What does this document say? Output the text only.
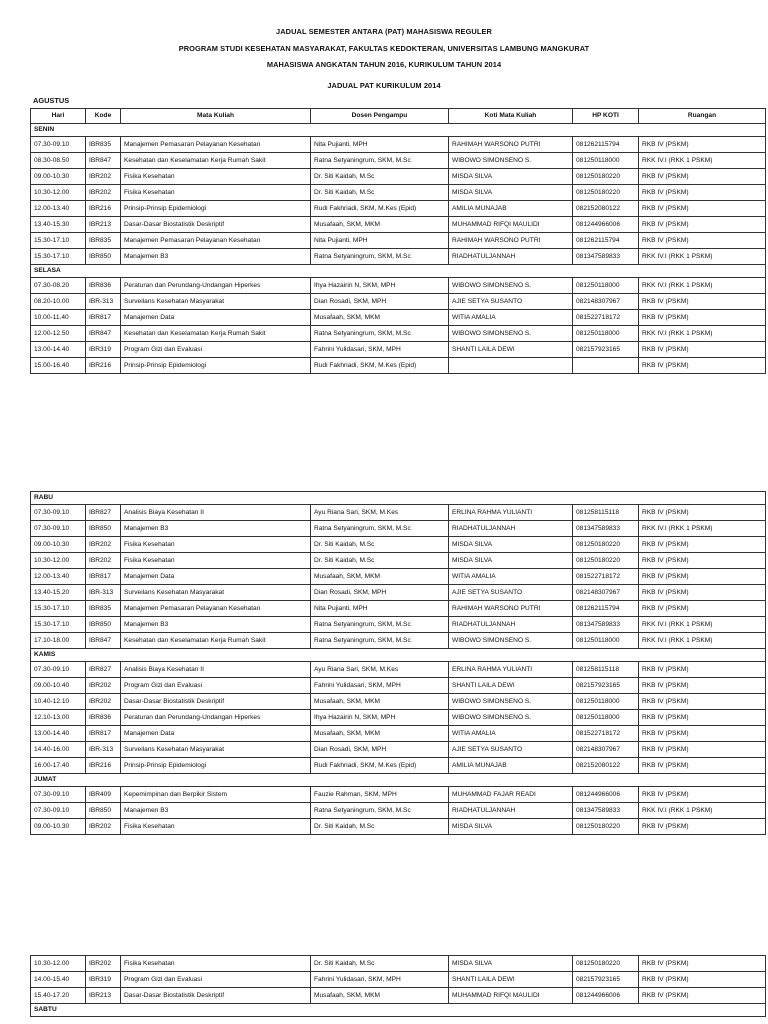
JADUAL SEMESTER ANTARA (PAT) MAHASISWA REGULER
PROGRAM STUDI KESEHATAN MASYARAKAT, FAKULTAS KEDOKTERAN, UNIVERSITAS LAMBUNG MANGKURAT
MAHASISWA ANGKATAN TAHUN 2016, KURIKULUM TAHUN 2014
JADUAL PAT KURIKULUM 2014
AGUSTUS
Hari	Kode	Mata Kuliah	Dosen Pengampu	Koti Mata Kuliah	HP KOTI	Ruangan
SENIN						
07.30-09.10	IBR835	Manajemen Pemasaran Pelayanan Kesehatan	Nita Pujianti, MPH	RAHIMAH WARSONO PUTRI	081262115794	RKB IV (PSKM)
08.30-08.50	IBR847	Kesehatan dan Keselamatan Kerja Rumah Sakit	Ratna Setyaningrum, SKM, M.Sc	WIBOWO SIMONSENO S.	081250118000	RKK IV.I (RKK 1 PSKM)
09.00-10.30	IBR202	Fisika Kesehatan	Dr. Siti Kaidah, M.Sc	MISDA SILVA	081250180220	RKB IV (PSKM)
10.30-12.00	IBR202	Fisika Kesehatan	Dr. Siti Kaidah, M.Sc	MISDA SILVA	081250180220	RKB IV (PSKM)
12.00-13.40	IBR216	Prinsip-Prinsip Epidemiologi	Rudi Fakhriadi, SKM, M.Kes (Epid)	AMILIA MUNAJAB	082152080122	RKB IV (PSKM)
13.40-15.30	IBR213	Dasar-Dasar Biostatistik Deskriptif	Musafaah, SKM, MKM	MUHAMMAD RIFQI MAULIDI	081244966006	RKB IV (PSKM)
15.30-17.10	IBR835	Manajemen Pemasaran Pelayanan Kesehatan	Nita Pujianti, MPH	RAHIMAH WARSONO PUTRI	081262115794	RKB IV (PSKM)
15.30-17.10	IBR850	Manajemen B3	Ratna Setyaningrum, SKM, M.Sc	RIADHATULJANNAH	081347589833	RKK IV.I (RKK 1 PSKM)
SELASA						
07.30-08.20	IBR836	Peraturan dan Perundang-Undangan Hiperkes	Ihya Hazairin N, SKM, MPH	WIBOWO SIMONSENO S.	081250118000	RKK IV.I (RKK 1 PSKM)
08.20-10.00	IBR-313	Surveilans Kesehatan Masyarakat	Dian Rosadi, SKM, MPH	AJIE SETYA SUSANTO	082148307967	RKB IV (PSKM)
10.00-11.40	IBR817	Manajemen Data	Musafaah, SKM, MKM	WITIA AMALIA	081522718172	RKB IV (PSKM)
12.00-12.50	IBR847	Kesehatan dan Keselamatan Kerja Rumah Sakit	Ratna Setyaningrum, SKM, M.Sc	WIBOWO SIMONSENO S.	081250118000	RKK IV.I (RKK 1 PSKM)
13.00-14.40	IBR319	Program Gizi dan Evaluasi	Fahrini Yulidasari, SKM, MPH	SHANTI LAILA DEWI	082157923165	RKB IV (PSKM)
15.00-16.40	IBR216	Prinsip-Prinsip Epidemiologi	Rudi Fakhriadi, SKM, M.Kes (Epid)			RKB IV (PSKM)
RABU						
07.30-09.10	IBR827	Analisis Biaya Kesehatan II	Ayu Riana Sari, SKM, M.Kes	ERLINA RAHMA YULIANTI	081258115118	RKB IV (PSKM)
07.30-09.10	IBR850	Manajemen B3	Ratna Setyaningrum, SKM, M.Sc	RIADHATULJANNAH	081347589833	RKK IV.I (RKK 1 PSKM)
09.00-10.30	IBR202	Fisika Kesehatan	Dr. Siti Kaidah, M.Sc	MISDA SILVA	081250180220	RKB IV (PSKM)
10.30-12.00	IBR202	Fisika Kesehatan	Dr. Siti Kaidah, M.Sc	MISDA SILVA	081250180220	RKB IV (PSKM)
12.00-13.40	IBR817	Manajemen Data	Musafaah, SKM, MKM	WITIA AMALIA	081522718172	RKB IV (PSKM)
13.40-15.20	IBR-313	Surveilans Kesehatan Masyarakat	Dian Rosadi, SKM, MPH	AJIE SETYA SUSANTO	082148307967	RKB IV (PSKM)
15.30-17.10	IBR835	Manajemen Pemasaran Pelayanan Kesehatan	Nita Pujianti, MPH	RAHIMAH WARSONO PUTRI	081262115794	RKB IV (PSKM)
15.30-17.10	IBR850	Manajemen B3	Ratna Setyaningrum, SKM, M.Sc	RIADHATULJANNAH	081347589833	RKK IV.I (RKK 1 PSKM)
17.10-18.00	IBR847	Kesehatan dan Keselamatan Kerja Rumah Sakit	Ratna Setyaningrum, SKM, M.Sc	WIBOWO SIMONSENO S.	081250118000	RKK IV.I (RKK 1 PSKM)
KAMIS						
07.30-09.10	IBR827	Analisis Biaya Kesehatan II	Ayu Riana Sari, SKM, M.Kes	ERLINA RAHMA YULIANTI	081258115118	RKB IV (PSKM)
09.00-10.40	IBR202	Program Gizi dan Evaluasi	Fahrini Yulidasari, SKM, MPH	SHANTI LAILA DEWI	082157923165	RKB IV (PSKM)
10.40-12.10	IBR202	Dasar-Dasar Biostatistik Deskriptif	Musafaah, SKM, MKM	WIBOWO SIMONSENO S.	081250118000	RKB IV (PSKM)
12.10-13.00	IBR836	Peraturan dan Perundang-Undangan Hiperkes	Ihya Hazairin N, SKM, MPH	WIBOWO SIMONSENO S.	081250118000	RKB IV (PSKM)
13.00-14.40	IBR817	Manajemen Data	Musafaah, SKM, MKM	WITIA AMALIA	081522718172	RKB IV (PSKM)
14.40-16.00	IBR-313	Surveilans Kesehatan Masyarakat	Dian Rosadi, SKM, MPH	AJIE SETYA SUSANTO	082148307967	RKB IV (PSKM)
16.00-17.40	IBR216	Prinsip-Prinsip Epidemiologi	Rudi Fakhriadi, SKM, M.Kes (Epid)	AMILIA MUNAJAB	082152080122	RKB IV (PSKM)
JUMAT						
07.30-09.10	IBR409	Kepemimpinan dan Berpikir Sistem	Fauzie Rahman, SKM, MPH	MUHAMMAD FAJAR READI	081244966006	RKB IV (PSKM)
07.30-09.10	IBR850	Manajemen B3	Ratna Setyaningrum, SKM, M.Sc	RIADHATULJANNAH	081347589833	RKK IV.I (RKK 1 PSKM)
09.00-10.30	IBR202	Fisika Kesehatan	Dr. Siti Kaidah, M.Sc	MISDA SILVA	081250180220	RKB IV (PSKM)
10.30-12.00	IBR202	Fisika Kesehatan	Dr. Siti Kaidah, M.Sc	MISDA SILVA	081250180220	RKB IV (PSKM)
14.00-15.40	IBR319	Program Gizi dan Evaluasi	Fahrini Yulidasari, SKM, MPH	SHANTI LAILA DEWI	082157923165	RKB IV (PSKM)
15.40-17.20	IBR213	Dasar-Dasar Biostatistik Deskriptif	Musafaah, SKM, MKM	MUHAMMAD RIFQI MAULIDI	081244966006	RKB IV (PSKM)
SABTU						
